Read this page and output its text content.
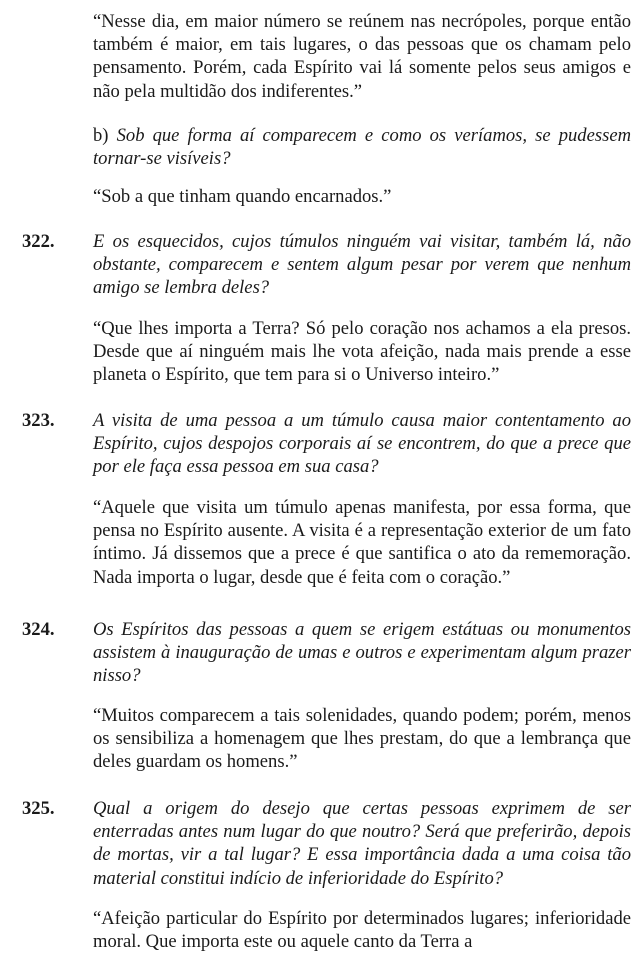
“Nesse dia, em maior número se reúnem nas necrópoles, porque então também é maior, em tais lugares, o das pessoas que os chamam pelo pensamento. Porém, cada Espírito vai lá somente pelos seus amigos e não pela multidão dos indiferentes.”

b) Sob que forma aí comparecem e como os veríamos, se pudessem tornar-se visíveis?

“Sob a que tinham quando encarnados.”

322. E os esquecidos, cujos túmulos ninguém vai visitar, também lá, não obstante, comparecem e sentem algum pesar por verem que nenhum amigo se lembra deles?

“Que lhes importa a Terra? Só pelo coração nos achamos a ela presos. Desde que aí ninguém mais lhe vota afeição, nada mais prende a esse planeta o Espírito, que tem para si o Universo inteiro.”

323. A visita de uma pessoa a um túmulo causa maior contentamento ao Espírito, cujos despojos corporais aí se encontrem, do que a prece que por ele faça essa pessoa em sua casa?

“Aquele que visita um túmulo apenas manifesta, por essa forma, que pensa no Espírito ausente. A visita é a representação exterior de um fato íntimo. Já dissemos que a prece é que santifica o ato da rememoração. Nada importa o lugar, desde que é feita com o coração.”

324. Os Espíritos das pessoas a quem se erigem estátuas ou monumentos assistem à inauguração de umas e outros e experimentam algum prazer nisso?

“Muitos comparecem a tais solenidades, quando podem; porém, menos os sensibiliza a homenagem que lhes prestam, do que a lembrança que deles guardam os homens.”

325. Qual a origem do desejo que certas pessoas exprimem de ser enterradas antes num lugar do que noutro? Será que preferirão, depois de mortas, vir a tal lugar? E essa importância dada a uma coisa tão material constitui indício de inferioridade do Espírito?

“Afeição particular do Espírito por determinados lugares; inferioridade moral. Que importa este ou aquele canto da Terra a
